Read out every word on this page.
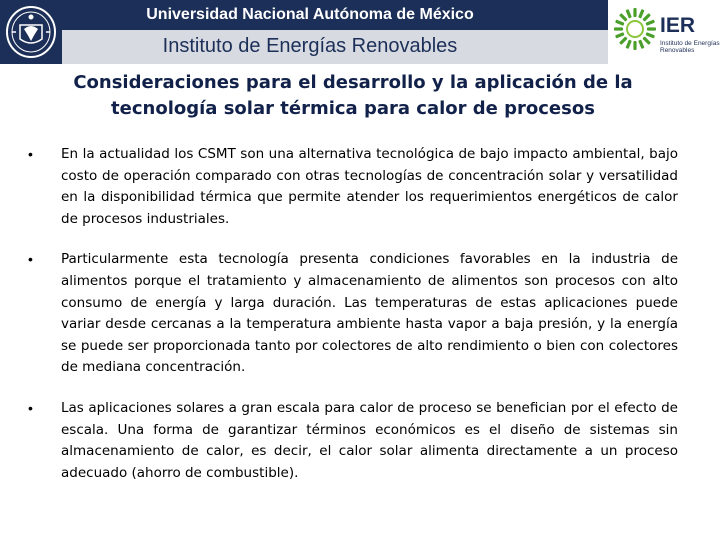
Universidad Nacional Autónoma de México
Instituto de Energías Renovables
IER
Instituto de Energías Renovables
Consideraciones para el desarrollo y la aplicación de la
tecnología solar térmica para calor de procesos
• En la actualidad los CSMT son una alternativa tecnológica de bajo impacto ambiental, bajo costo de operación comparado con otras tecnologías de concentración solar y versatilidad en la disponibilidad térmica que permite atender los requerimientos energéticos de calor de procesos industriales.
• Particularmente esta tecnología presenta condiciones favorables en la industria de alimentos porque el tratamiento y almacenamiento de alimentos son procesos con alto consumo de energía y larga duración. Las temperaturas de estas aplicaciones puede variar desde cercanas a la temperatura ambiente hasta vapor a baja presión, y la energía se puede ser proporcionada tanto por colectores de alto rendimiento o bien con colectores de mediana concentración.
• Las aplicaciones solares a gran escala para calor de proceso se benefician por el efecto de escala. Una forma de garantizar términos económicos es el diseño de sistemas sin almacenamiento de calor, es decir, el calor solar alimenta directamente a un proceso adecuado (ahorro de combustible).
